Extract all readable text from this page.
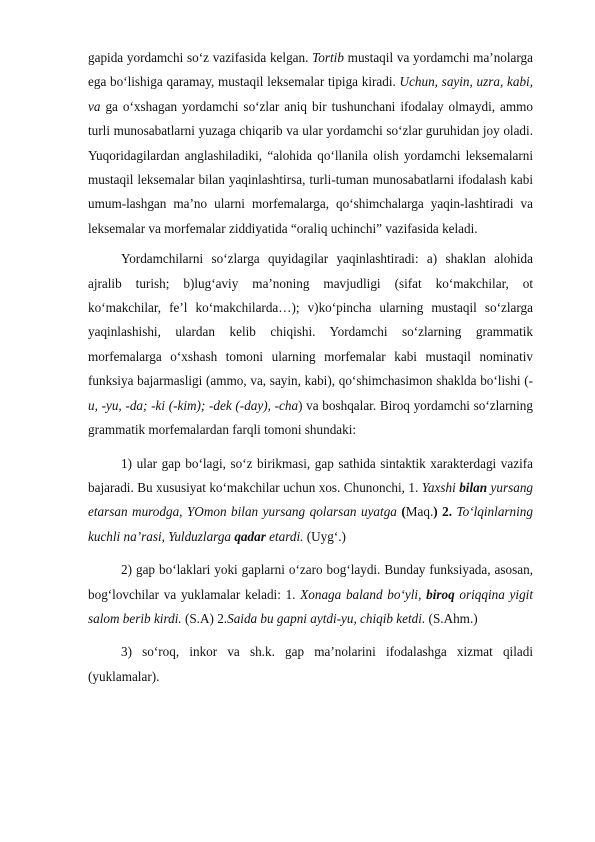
gapida yordamchi so‘z vazifasida kelgan. Tortib mustaqil va yordamchi ma’nolarga ega bo‘lishiga qaramay, mustaqil leksemalar tipiga kiradi. Uchun, sayin, uzra, kabi, va ga o‘xshagan yordamchi so‘zlar aniq bir tushunchani ifodalay olmaydi, ammo turli munosabatlarni yuzaga chiqarib va ular yordamchi so‘zlar guruhidan joy oladi. Yuqoridagilardan anglashiladiki, “alohida qo‘llanila olish yordamchi leksemalarni mustaqil leksemalar bilan yaqinlashtirsa, turli-tuman munosabatlarni ifodalash kabi umum-lashgan ma’no ularni morfemalarga, qo‘shimchalarga yaqin-lashtiradi va leksemalar va morfemalar ziddiyatida “oraliq uchinchi” vazifasida keladi.

Yordamchilarni so‘zlarga quyidagilar yaqinlashtiradi: a) shaklan alohida ajralib turish; b)lug‘aviy ma’noning mavjudligi (sifat ko‘makchilar, ot ko‘makchilar, fe’l ko‘makchilarda…); v)ko‘pincha ularning mustaqil so‘zlarga yaqinlashishi, ulardan kelib chiqishi. Yordamchi so‘zlarning grammatik morfemalarga o‘xshash tomoni ularning morfemalar kabi mustaqil nominativ funksiya bajarmasligi (ammo, va, sayin, kabi), qo‘shimchasimon shaklda bo‘lishi (-u, -yu, -da; -ki (-kim); -dek (-day), -cha) va boshqalar. Biroq yordamchi so‘zlarning grammatik morfemalardan farqli tomoni shundaki:

1) ular gap bo‘lagi, so‘z birikmasi, gap sathida sintaktik xarakterdagi vazifa bajaradi. Bu xususiyat ko‘makchilar uchun xos. Chunonchi, 1. Yaxshi bilan yursang etarsan murodga, YOmon bilan yursang qolarsan uyatga (Maq.) 2. To‘lqinlarning kuchli na’rasi, Yulduzlarga qadar etardi. (Uyg‘.)

2) gap bo‘laklari yoki gaplarni o‘zaro bog‘laydi. Bunday funksiyada, asosan, bog‘lovchilar va yuklamalar keladi: 1. Xonaga baland bo‘yli, biroq oriqqina yigit salom berib kirdi. (S.A) 2.Saida bu gapni aytdi-yu, chiqib ketdi. (S.Ahm.)

3) so‘roq, inkor va sh.k. gap ma’nolarini ifodalashga xizmat qiladi (yuklamalar).
